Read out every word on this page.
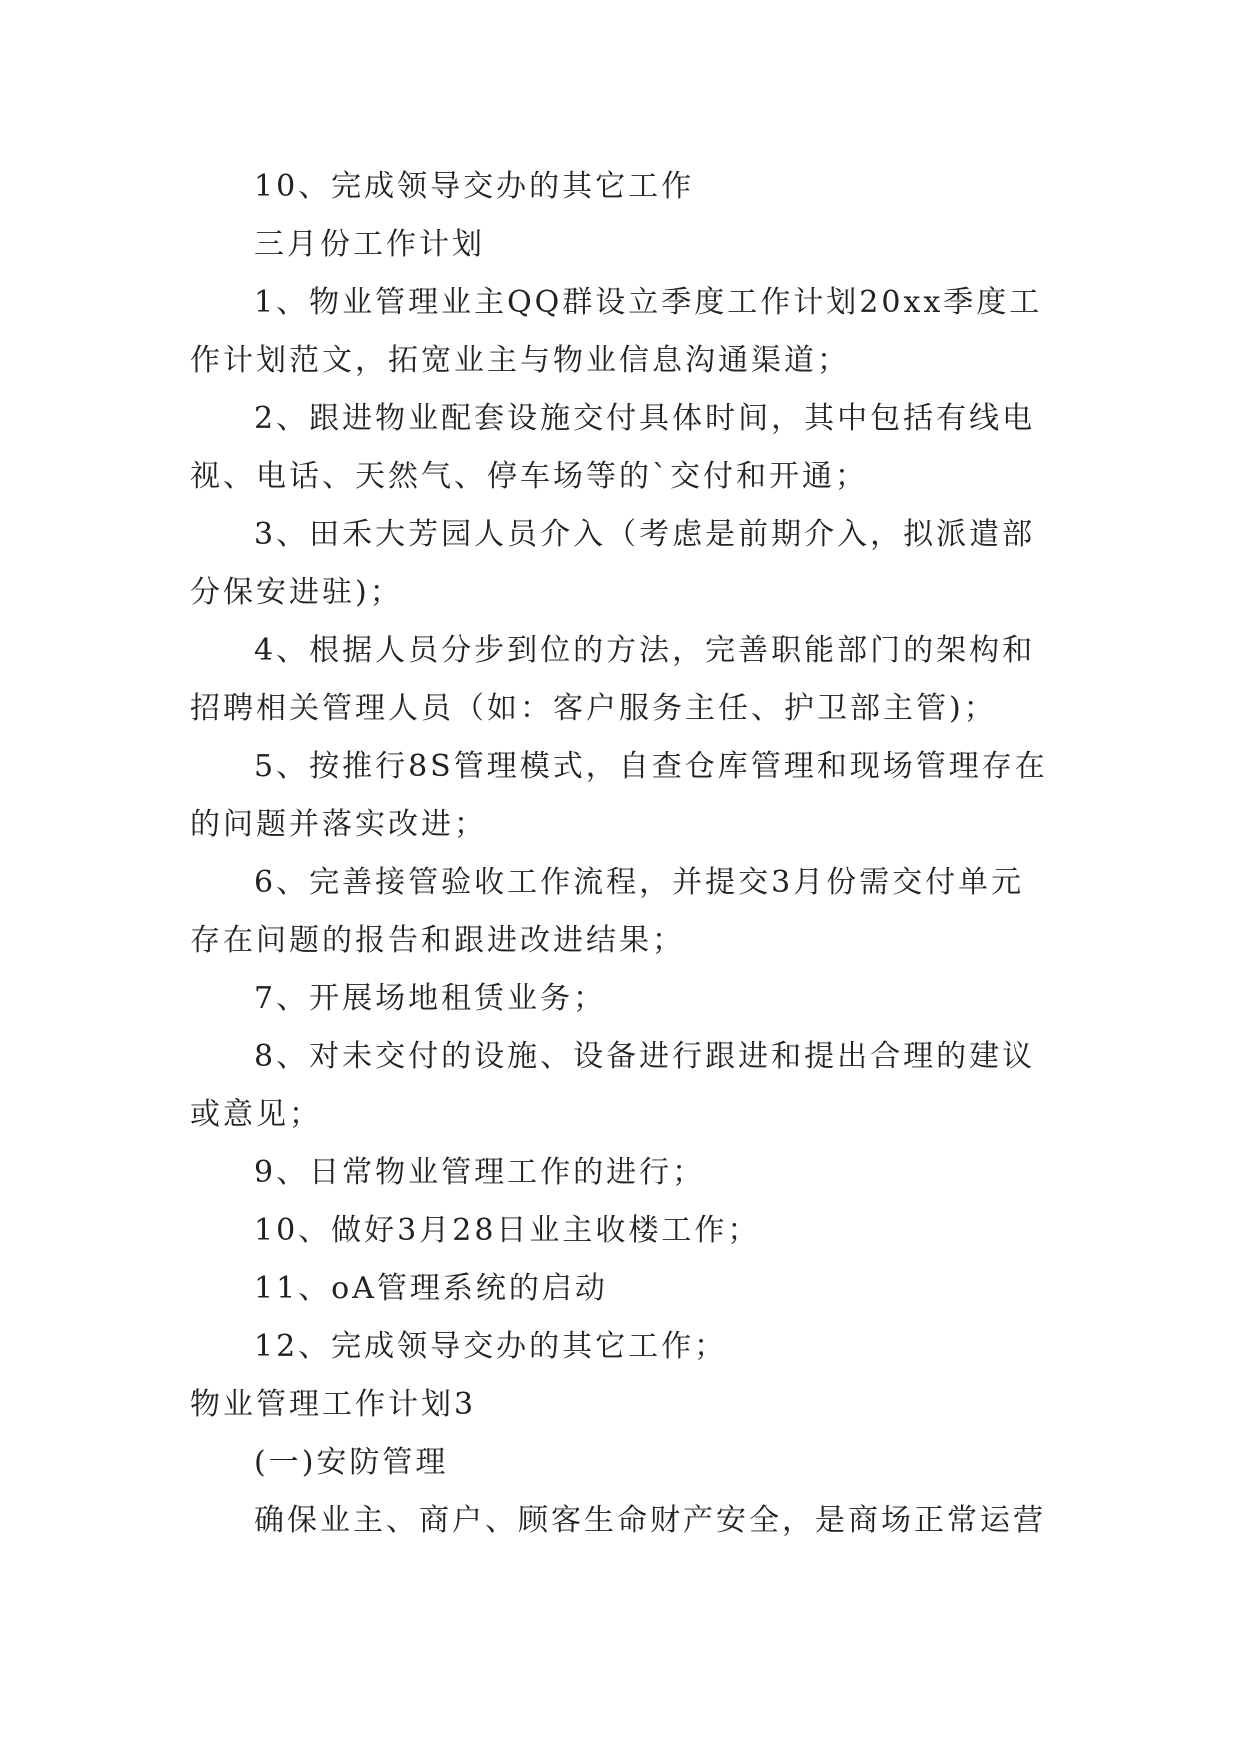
10、完成领导交办的其它工作
三月份工作计划
1、物业管理业主QQ群设立季度工作计划20xx季度工
作计划范文，拓宽业主与物业信息沟通渠道；
2、跟进物业配套设施交付具体时间，其中包括有线电
视、电话、天然气、停车场等的`交付和开通；
3、田禾大芳园人员介入（考虑是前期介入，拟派遣部
分保安进驻)；
4、根据人员分步到位的方法，完善职能部门的架构和
招聘相关管理人员（如：客户服务主任、护卫部主管)；
5、按推行8S管理模式，自查仓库管理和现场管理存在
的问题并落实改进；
6、完善接管验收工作流程，并提交3月份需交付单元
存在问题的报告和跟进改进结果；
7、开展场地租赁业务；
8、对未交付的设施、设备进行跟进和提出合理的建议
或意见；
9、日常物业管理工作的进行；
10、做好3月28日业主收楼工作；
11、oA管理系统的启动
12、完成领导交办的其它工作；
物业管理工作计划3
(一)安防管理
确保业主、商户、顾客生命财产安全，是商场正常运营
